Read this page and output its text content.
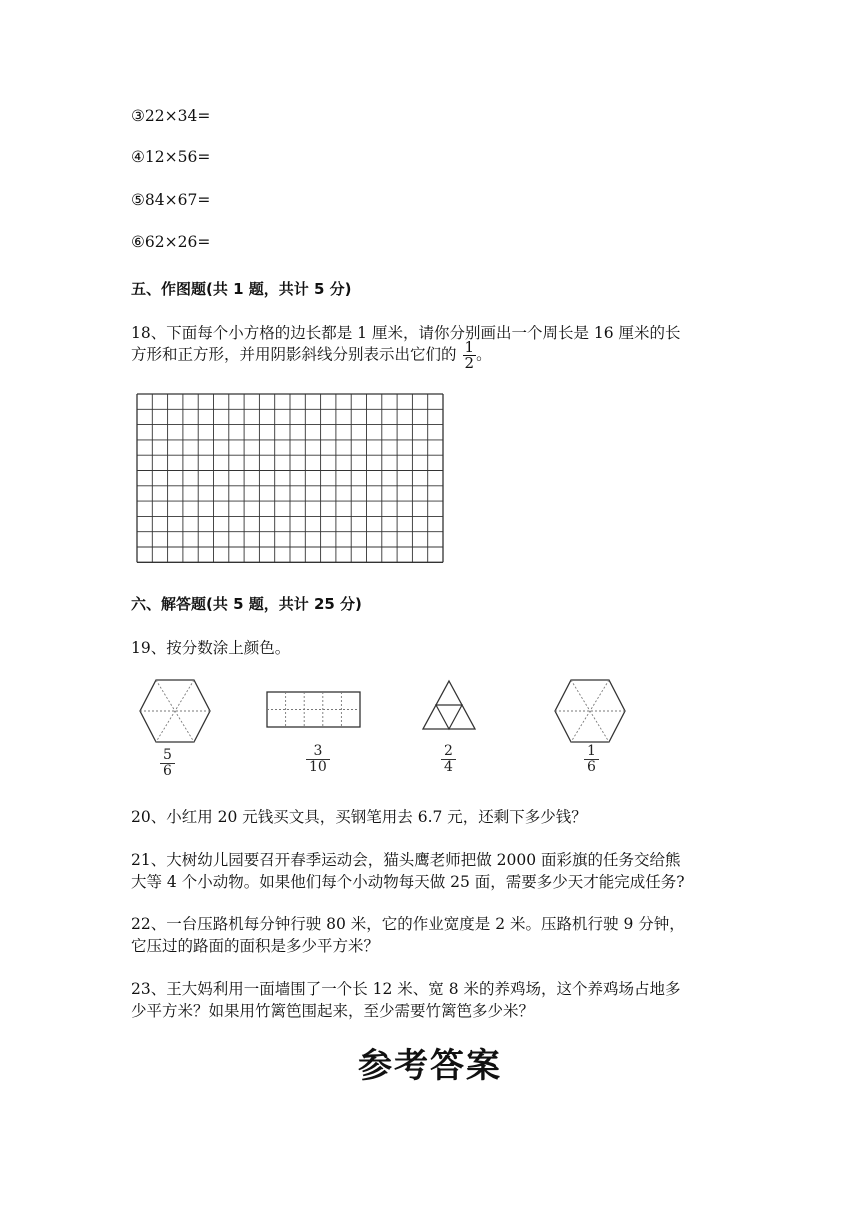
③22×34=
④12×56=
⑤84×67=
⑥62×26=
五、作图题(共 1 题，共计 5 分)
18、下面每个小方格的边长都是 1 厘米，请你分别画出一个周长是 16 厘米的长
方形和正方形，并用阴影斜线分别表示出它们的 $\frac{1}{2}$ 。
六、解答题(共 5 题，共计 25 分)
19、按分数涂上颜色。
$\frac{5}{6}$	$\frac{3}{10}$	$\frac{2}{4}$	$\frac{1}{6}$
20、小红用 20 元钱买文具，买钢笔用去 6.7 元，还剩下多少钱？
21、大树幼儿园要召开春季运动会，猫头鹰老师把做 2000 面彩旗的任务交给熊
大等 4 个小动物。如果他们每个小动物每天做 25 面，需要多少天才能完成任务?
22、一台压路机每分钟行驶 80 米，它的作业宽度是 2 米。压路机行驶 9 分钟，
它压过的路面的面积是多少平方米？
23、王大妈利用一面墙围了一个长 12 米、宽 8 米的养鸡场，这个养鸡场占地多
少平方米？如果用竹篱笆围起来，至少需要竹篱笆多少米？
参考答案
